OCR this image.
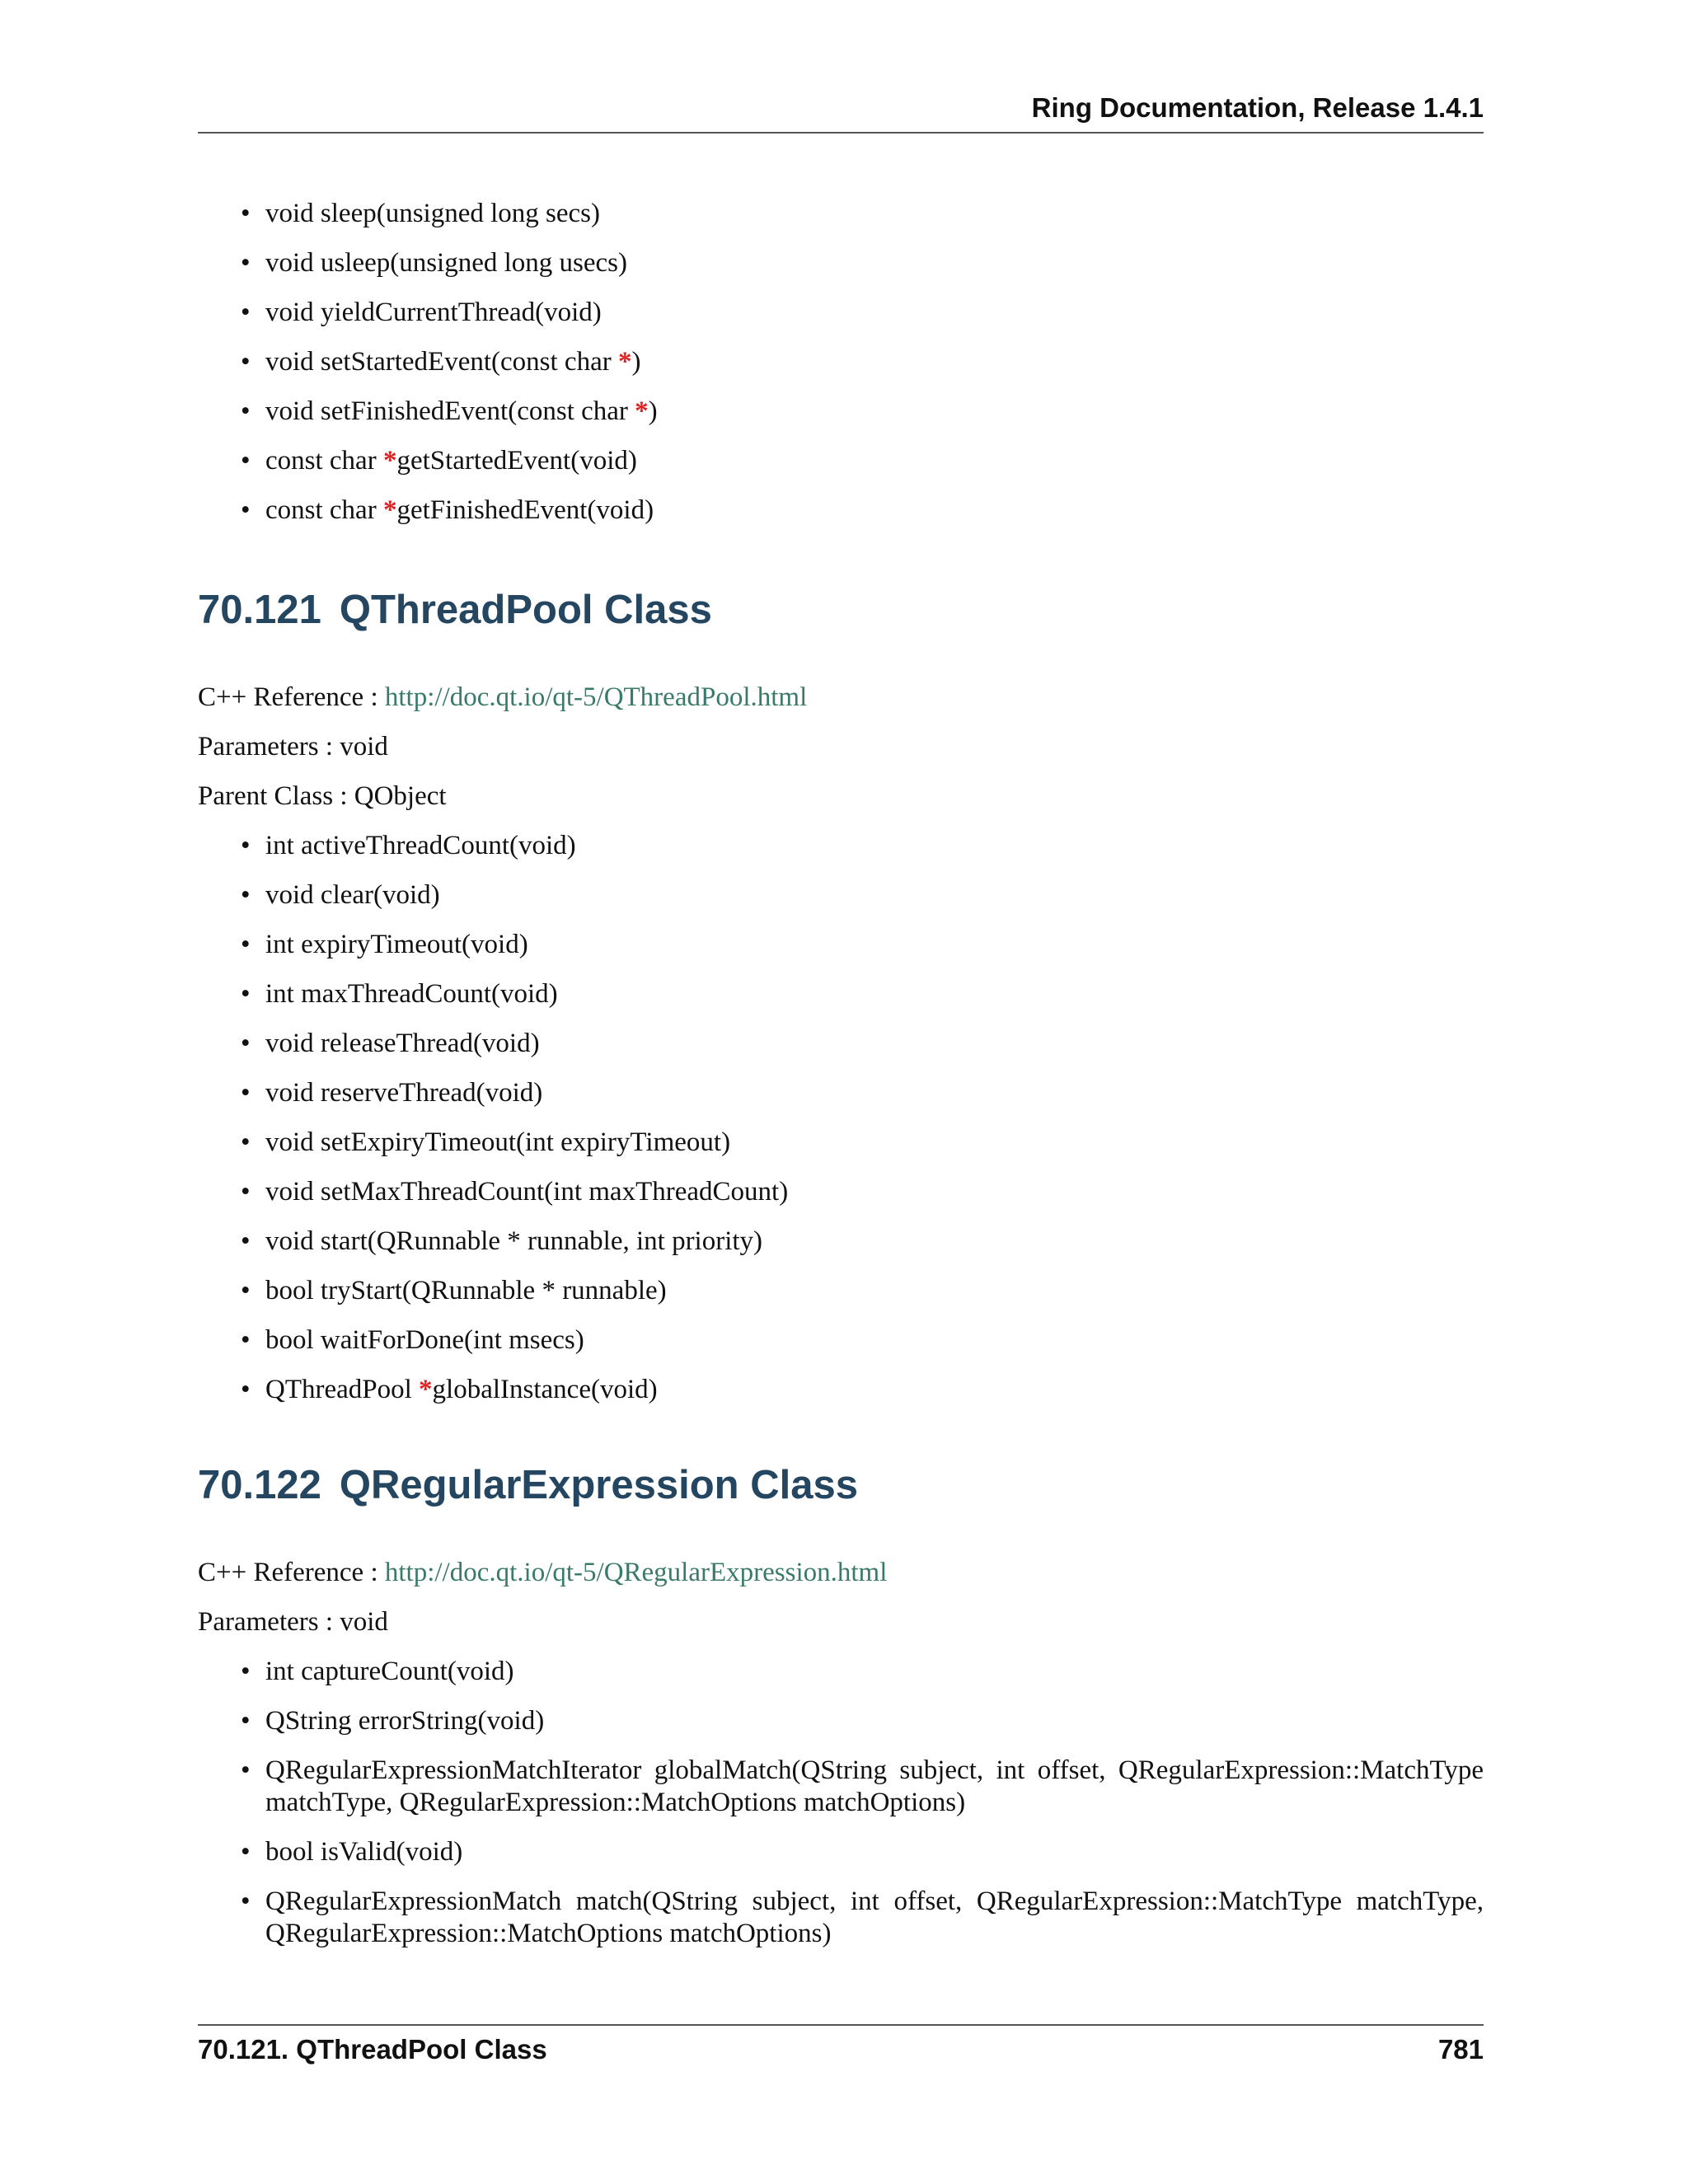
Ring Documentation, Release 1.4.1
• void sleep(unsigned long secs)
• void usleep(unsigned long usecs)
• void yieldCurrentThread(void)
• void setStartedEvent(const char *)
• void setFinishedEvent(const char *)
• const char *getStartedEvent(void)
• const char *getFinishedEvent(void)
70.121 QThreadPool Class
C++ Reference : http://doc.qt.io/qt-5/QThreadPool.html
Parameters : void
Parent Class : QObject
• int activeThreadCount(void)
• void clear(void)
• int expiryTimeout(void)
• int maxThreadCount(void)
• void releaseThread(void)
• void reserveThread(void)
• void setExpiryTimeout(int expiryTimeout)
• void setMaxThreadCount(int maxThreadCount)
• void start(QRunnable * runnable, int priority)
• bool tryStart(QRunnable * runnable)
• bool waitForDone(int msecs)
• QThreadPool *globalInstance(void)
70.122 QRegularExpression Class
C++ Reference : http://doc.qt.io/qt-5/QRegularExpression.html
Parameters : void
• int captureCount(void)
• QString errorString(void)
• QRegularExpressionMatchIterator globalMatch(QString subject, int offset, QRegularExpression::MatchType matchType, QRegularExpression::MatchOptions matchOptions)
• bool isValid(void)
• QRegularExpressionMatch match(QString subject, int offset, QRegularExpression::MatchType matchType, QRegularExpression::MatchOptions matchOptions)
70.121. QThreadPool Class	781
